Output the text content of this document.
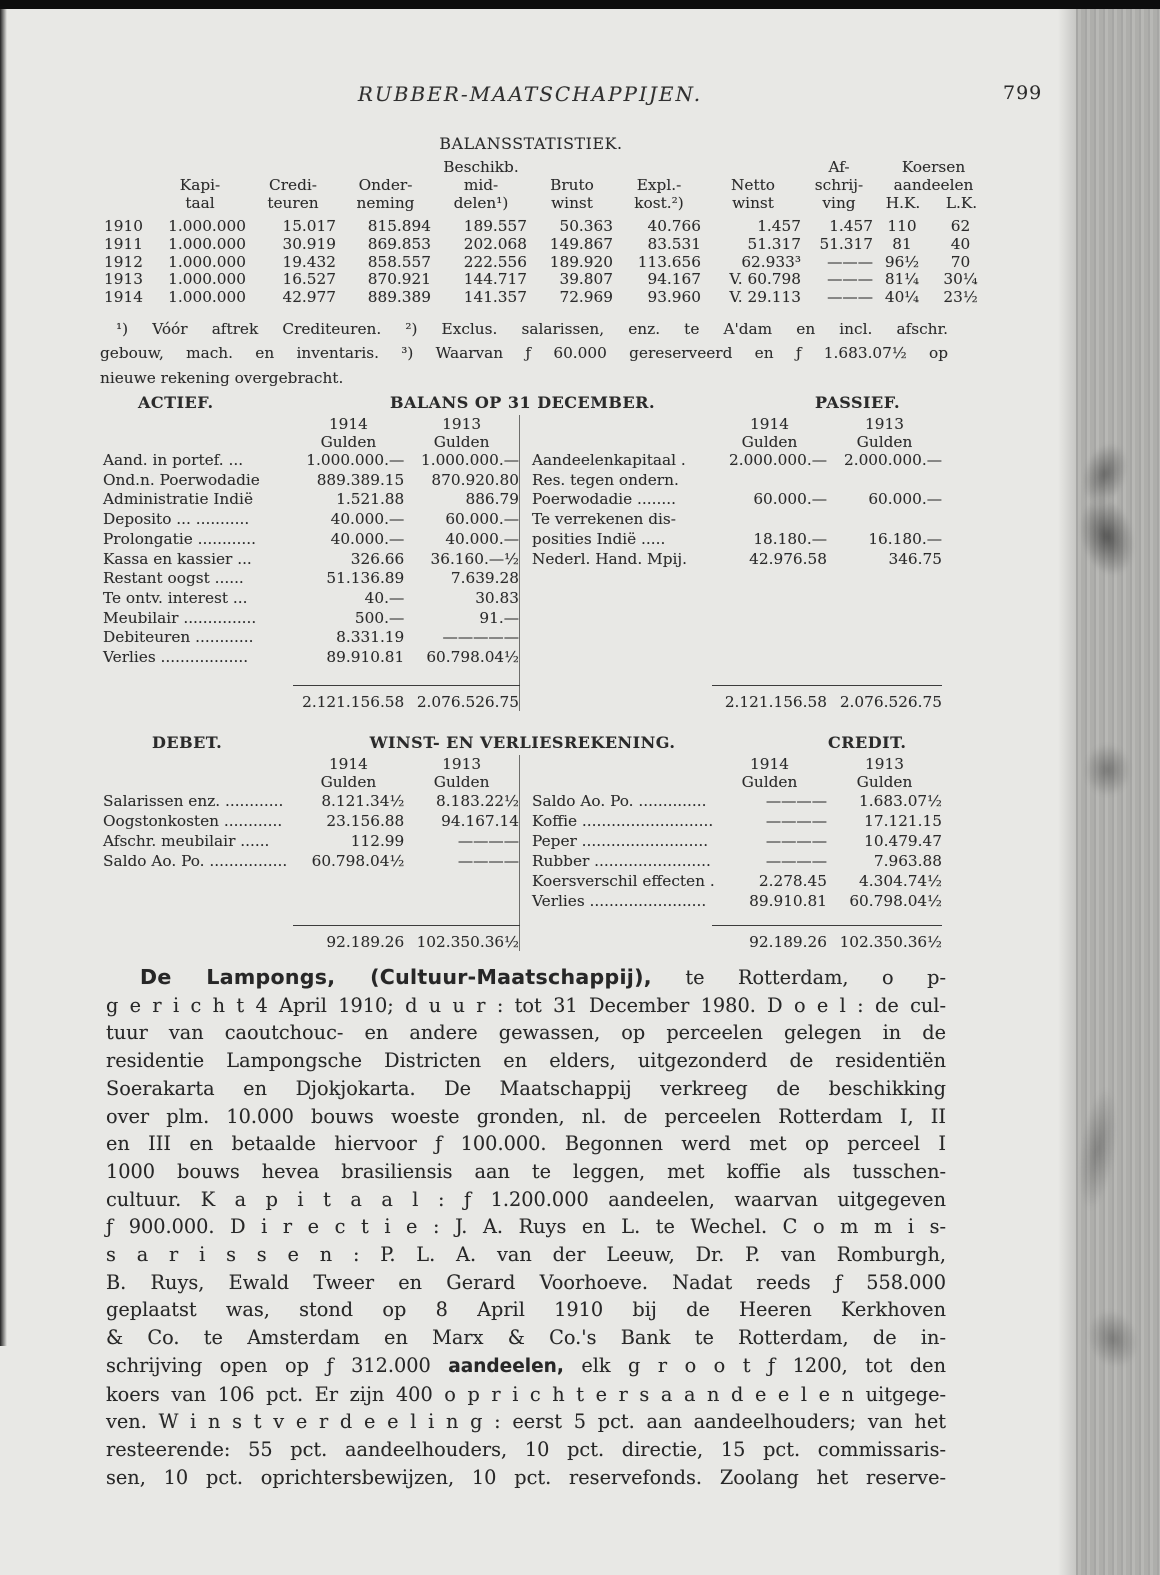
RUBBER-MAATSCHAPPIJEN.	799
BALANSSTATISTIEK.
				Beschikb.				Af-	Koersen	
	Kapi-	Credi-	Onder-	mid-	Bruto	Expl.-	Netto	schrij-	aandeelen	
	taal	teuren	neming	delen¹)	winst	kost.²)	winst	ving	H.K.	L.K.
1910	1.000.000	15.017	815.894	189.557	50.363	40.766	1.457	1.457	110	62
1911	1.000.000	30.919	869.853	202.068	149.867	83.531	51.317	51.317	81	40
1912	1.000.000	19.432	858.557	222.556	189.920	113.656	62.933³	———	96½	70
1913	1.000.000	16.527	870.921	144.717	39.807	94.167	V. 60.798	———	81¼	30¼
1914	1.000.000	42.977	889.389	141.357	72.969	93.960	V. 29.113	———	40¼	23½
¹) Vóór aftrek Crediteuren. ²) Exclus. salarissen, enz. te A'dam en incl. afschr.
gebouw, mach. en inventaris. ³) Waarvan ƒ 60.000 gereserveerd en ƒ 1.683.07½ op
nieuwe rekening overgebracht.
ACTIEF.	BALANS OP 31 DECEMBER.	PASSIEF.
1914	1913
Gulden	Gulden
Aand. in portef. ...	1.000.000.—	1.000.000.—
Ond.n. Poerwodadie	889.389.15	870.920.80
Administratie Indië	1.521.88	886.79
Deposito ... ...........	40.000.—	60.000.—
Prolongatie ............	40.000.—	40.000.—
Kassa en kassier ...	326.66	36.160.—½
Restant oogst ......	51.136.89	7.639.28
Te ontv. interest ...	40.—	30.83
Meubilair ...............	500.—	91.—
Debiteuren ............	8.331.19	—————
Verlies ..................	89.910.81	60.798.04½
2.121.156.58 2.076.526.75
1914	1913
Gulden	Gulden
Aandeelenkapitaal .	2.000.000.—	2.000.000.—
Res. tegen ondern.
Poerwodadie ........	60.000.—	60.000.—
Te verrekenen dis-
posities Indië .....	18.180.—	16.180.—
Nederl. Hand. Mpij.	42.976.58	346.75
2.121.156.58 2.076.526.75
DEBET.	WINST- EN VERLIESREKENING.	CREDIT.
1914	1913
Gulden	Gulden
Salarissen enz. ............	8.121.34½	8.183.22½
Oogstonkosten ............	23.156.88	94.167.14
Afschr. meubilair ......	112.99	————
Saldo Ao. Po. ................	60.798.04½	————
92.189.26 102.350.36½
1914	1913
Gulden	Gulden
Saldo Ao. Po. ..............	————	1.683.07½
Koffie ...........................	————	17.121.15
Peper ..........................	————	10.479.47
Rubber ........................	————	7.963.88
Koersverschil effecten .	2.278.45	4.304.74½
Verlies ........................	89.910.81	60.798.04½
92.189.26 102.350.36½
De Lampongs, (Cultuur-Maatschappij), te Rotterdam, o p-
g e r i c h t 4 April 1910; d u u r : tot 31 December 1980. D o e l : de cul-
tuur van caoutchouc- en andere gewassen, op perceelen gelegen in de
residentie Lampongsche Districten en elders, uitgezonderd de residentiën
Soerakarta en Djokjokarta. De Maatschappij verkreeg de beschikking
over plm. 10.000 bouws woeste gronden, nl. de perceelen Rotterdam I, II
en III en betaalde hiervoor ƒ 100.000. Begonnen werd met op perceel I
1000 bouws hevea brasiliensis aan te leggen, met koffie als tusschen-
cultuur. K a p i t a a l : ƒ 1.200.000 aandeelen, waarvan uitgegeven
ƒ 900.000. D i r e c t i e : J. A. Ruys en L. te Wechel. C o m m i s-
s a r i s s e n : P. L. A. van der Leeuw, Dr. P. van Romburgh,
B. Ruys, Ewald Tweer en Gerard Voorhoeve. Nadat reeds ƒ 558.000
geplaatst was, stond op 8 April 1910 bij de Heeren Kerkhoven
& Co. te Amsterdam en Marx & Co.'s Bank te Rotterdam, de in-
schrijving open op ƒ 312.000 aandeelen, elk g r o o t ƒ 1200, tot den
koers van 106 pct. Er zijn 400 o p r i c h t e r s a a n d e e l e n uitgege-
ven. W i n s t v e r d e e l i n g : eerst 5 pct. aan aandeelhouders; van het
resteerende: 55 pct. aandeelhouders, 10 pct. directie, 15 pct. commissaris-
sen, 10 pct. oprichtersbewijzen, 10 pct. reservefonds. Zoolang het reserve-
